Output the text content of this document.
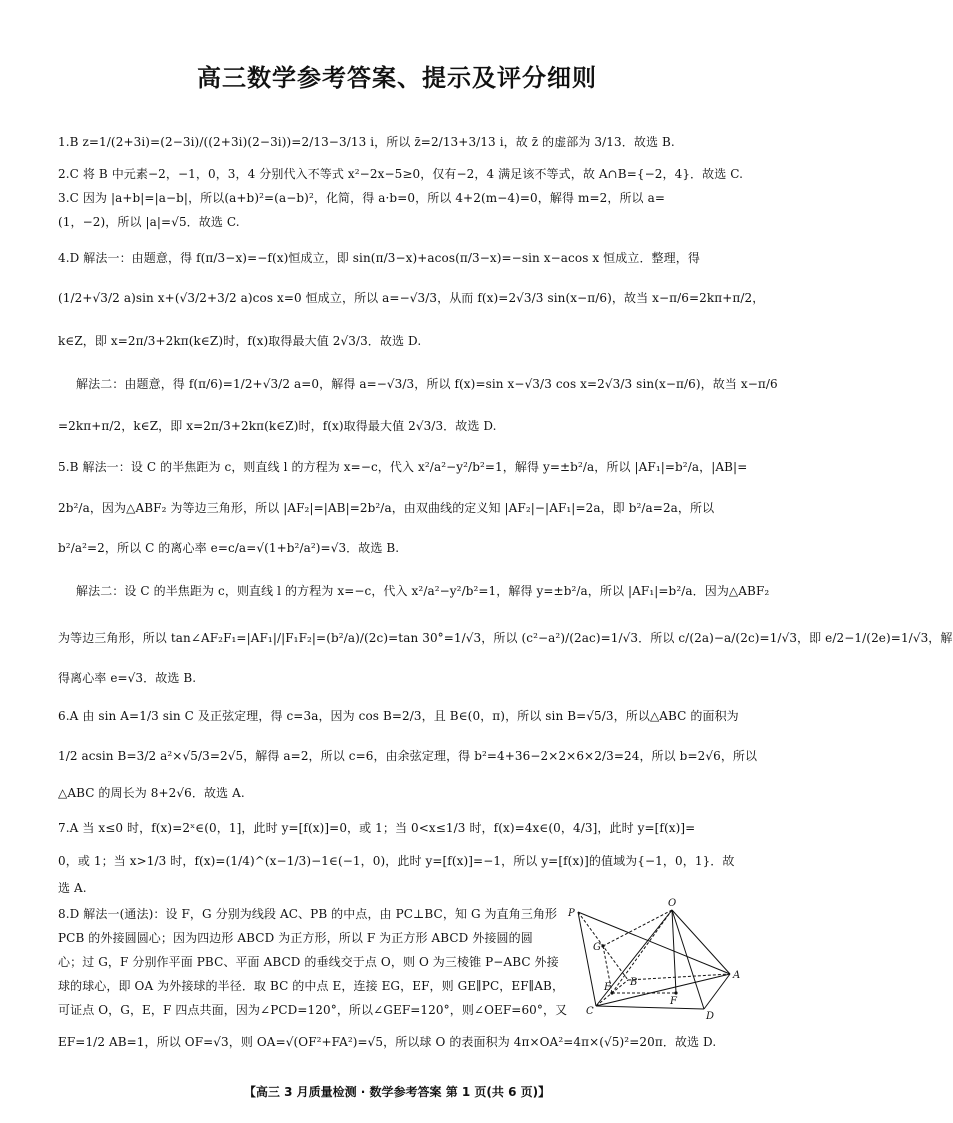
高三数学参考答案、提示及评分细则
1.B z=1/(2+3i)=(2−3i)/((2+3i)(2−3i))=2/13−3/13 i，所以 z̄=2/13+3/13 i，故 z̄ 的虚部为 3/13．故选 B.
2.C 将 B 中元素−2，−1，0，3，4 分别代入不等式 x²−2x−5≥0，仅有−2，4 满足该不等式，故 A∩B={−2，4}．故选 C.
3.C 因为 |a+b|=|a−b|，所以(a+b)²=(a−b)²，化简，得 a·b=0，所以 4+2(m−4)=0，解得 m=2，所以 a=
(1，−2)，所以 |a|=√5．故选 C.
4.D 解法一：由题意，得 f(π/3−x)=−f(x)恒成立，即 sin(π/3−x)+acos(π/3−x)=−sin x−acos x 恒成立．整理，得
(1/2+√3/2 a)sin x+(√3/2+3/2 a)cos x=0 恒成立，所以 a=−√3/3，从而 f(x)=2√3/3 sin(x−π/6)，故当 x−π/6=2kπ+π/2，
k∈Z，即 x=2π/3+2kπ(k∈Z)时，f(x)取得最大值 2√3/3．故选 D.
解法二：由题意，得 f(π/6)=1/2+√3/2 a=0，解得 a=−√3/3，所以 f(x)=sin x−√3/3 cos x=2√3/3 sin(x−π/6)，故当 x−π/6
=2kπ+π/2，k∈Z，即 x=2π/3+2kπ(k∈Z)时，f(x)取得最大值 2√3/3．故选 D.
5.B 解法一：设 C 的半焦距为 c，则直线 l 的方程为 x=−c，代入 x²/a²−y²/b²=1，解得 y=±b²/a，所以 |AF₁|=b²/a，|AB|=
2b²/a，因为△ABF₂ 为等边三角形，所以 |AF₂|=|AB|=2b²/a，由双曲线的定义知 |AF₂|−|AF₁|=2a，即 b²/a=2a，所以
b²/a²=2，所以 C 的离心率 e=c/a=√(1+b²/a²)=√3．故选 B.
解法二：设 C 的半焦距为 c，则直线 l 的方程为 x=−c，代入 x²/a²−y²/b²=1，解得 y=±b²/a，所以 |AF₁|=b²/a．因为△ABF₂
为等边三角形，所以 tan∠AF₂F₁=|AF₁|/|F₁F₂|=(b²/a)/(2c)=tan 30°=1/√3，所以 (c²−a²)/(2ac)=1/√3．所以 c/(2a)−a/(2c)=1/√3，即 e/2−1/(2e)=1/√3，解
得离心率 e=√3．故选 B.
6.A 由 sin A=1/3 sin C 及正弦定理，得 c=3a，因为 cos B=2/3，且 B∈(0，π)，所以 sin B=√5/3，所以△ABC 的面积为
1/2 acsin B=3/2 a²×√5/3=2√5，解得 a=2，所以 c=6，由余弦定理，得 b²=4+36−2×2×6×2/3=24，所以 b=2√6，所以
△ABC 的周长为 8+2√6．故选 A.
7.A 当 x≤0 时，f(x)=2ˣ∈(0，1]，此时 y=[f(x)]=0，或 1；当 0<x≤1/3 时，f(x)=4x∈(0，4/3]，此时 y=[f(x)]=
0，或 1；当 x>1/3 时，f(x)=(1/4)^(x−1/3)−1∈(−1，0)，此时 y=[f(x)]=−1，所以 y=[f(x)]的值域为{−1，0，1}．故
选 A.
8.D 解法一(通法)：设 F，G 分别为线段 AC、PB 的中点，由 PC⊥BC，知 G 为直角三角形
PCB 的外接圆圆心；因为四边形 ABCD 为正方形，所以 F 为正方形 ABCD 外接圆的圆
心；过 G，F 分别作平面 PBC、平面 ABCD 的垂线交于点 O，则 O 为三棱锥 P−ABC 外接
球的球心，即 OA 为外接球的半径．取 BC 的中点 E，连接 EG，EF，则 GE∥PC，EF∥AB，
可证点 O，G，E，F 四点共面，因为∠PCD=120°，所以∠GEF=120°，则∠OEF=60°，又
EF=1/2 AB=1，所以 OF=√3，则 OA=√(OF²+FA²)=√5，所以球 O 的表面积为 4π×OA²=4π×(√5)²=20π．故选 D.
P
O
G
E B
A
F
C	D
【高三 3 月质量检测 · 数学参考答案 第 1 页(共 6 页)】
